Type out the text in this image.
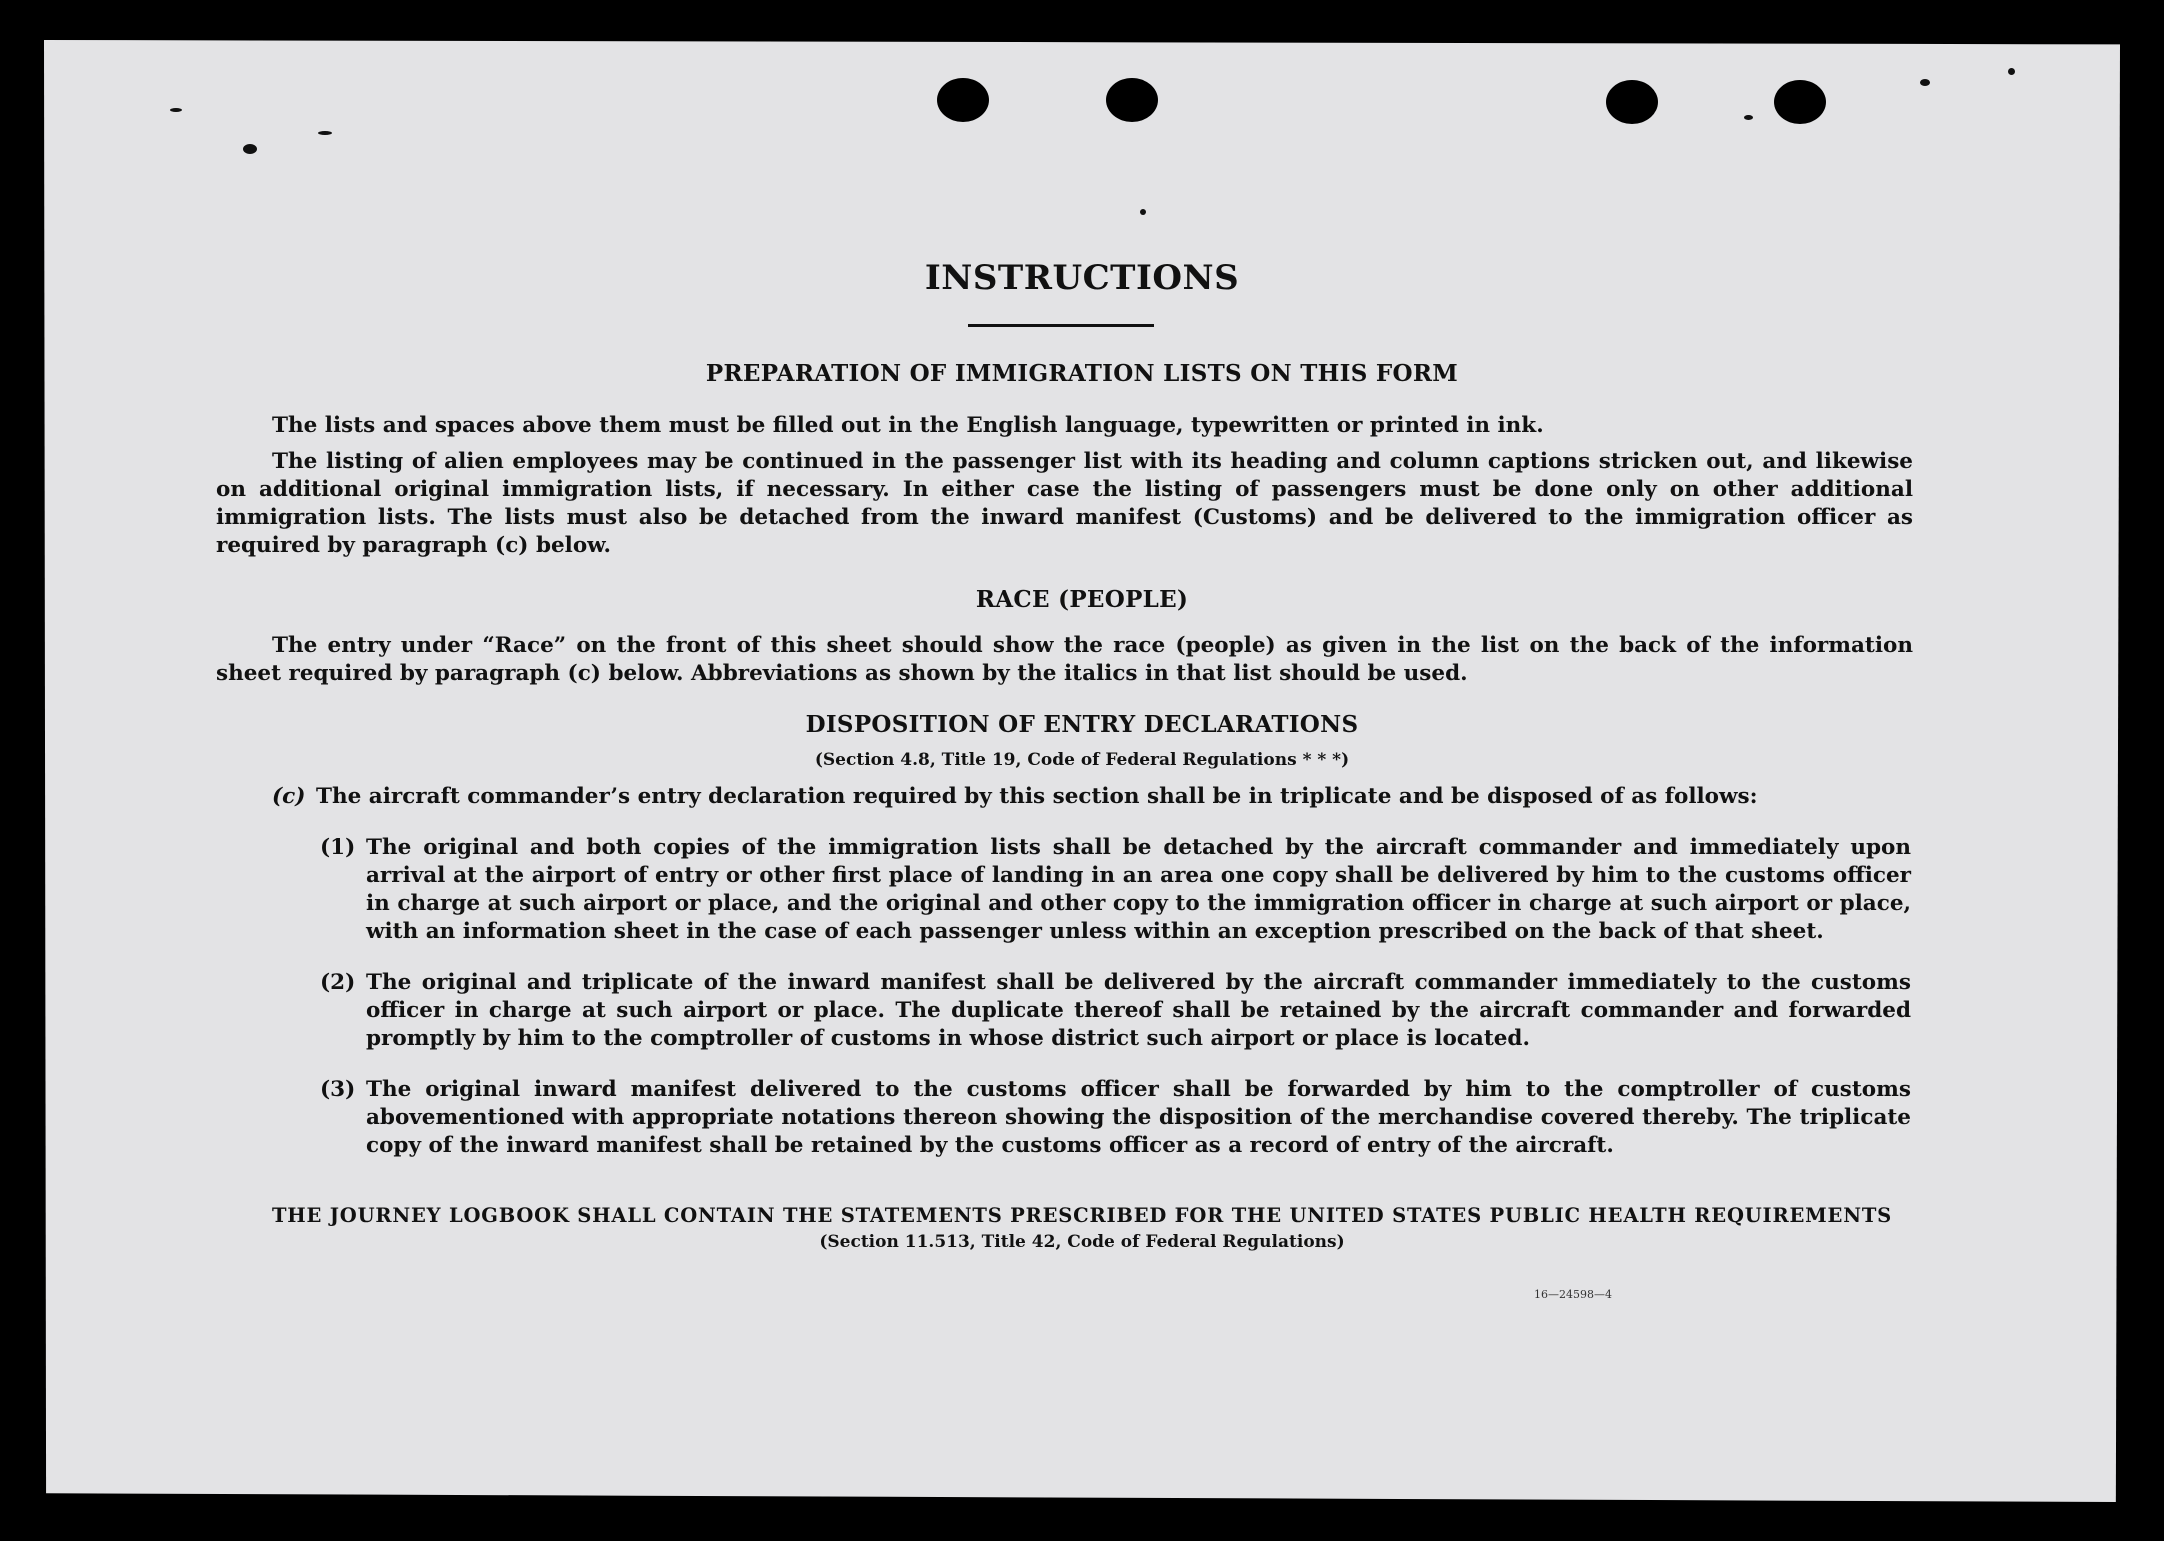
INSTRUCTIONS
PREPARATION OF IMMIGRATION LISTS ON THIS FORM
The lists and spaces above them must be filled out in the English language, typewritten or printed in ink.
The listing of alien employees may be continued in the passenger list with its heading and column captions stricken out, and likewise on additional original immigration lists, if necessary. In either case the listing of passengers must be done only on other additional immigration lists. The lists must also be detached from the inward manifest (Customs) and be delivered to the immigration officer as required by paragraph (c) below.
RACE (PEOPLE)
The entry under “Race” on the front of this sheet should show the race (people) as given in the list on the back of the information sheet required by paragraph (c) below. Abbreviations as shown by the italics in that list should be used.
DISPOSITION OF ENTRY DECLARATIONS
(Section 4.8, Title 19, Code of Federal Regulations * * *)
(c) The aircraft commander’s entry declaration required by this section shall be in triplicate and be disposed of as follows:
(1) The original and both copies of the immigration lists shall be detached by the aircraft commander and immediately upon arrival at the airport of entry or other first place of landing in an area one copy shall be delivered by him to the customs officer in charge at such airport or place, and the original and other copy to the immigration officer in charge at such airport or place, with an information sheet in the case of each passenger unless within an exception prescribed on the back of that sheet.
(2) The original and triplicate of the inward manifest shall be delivered by the aircraft commander immediately to the customs officer in charge at such airport or place. The duplicate thereof shall be retained by the aircraft commander and forwarded promptly by him to the comptroller of customs in whose district such airport or place is located.
(3) The original inward manifest delivered to the customs officer shall be forwarded by him to the comptroller of customs abovementioned with appropriate notations thereon showing the disposition of the merchandise covered thereby. The triplicate copy of the inward manifest shall be retained by the customs officer as a record of entry of the aircraft.
THE JOURNEY LOGBOOK SHALL CONTAIN THE STATEMENTS PRESCRIBED FOR THE UNITED STATES PUBLIC HEALTH REQUIREMENTS
(Section 11.513, Title 42, Code of Federal Regulations)
16—24598—4
